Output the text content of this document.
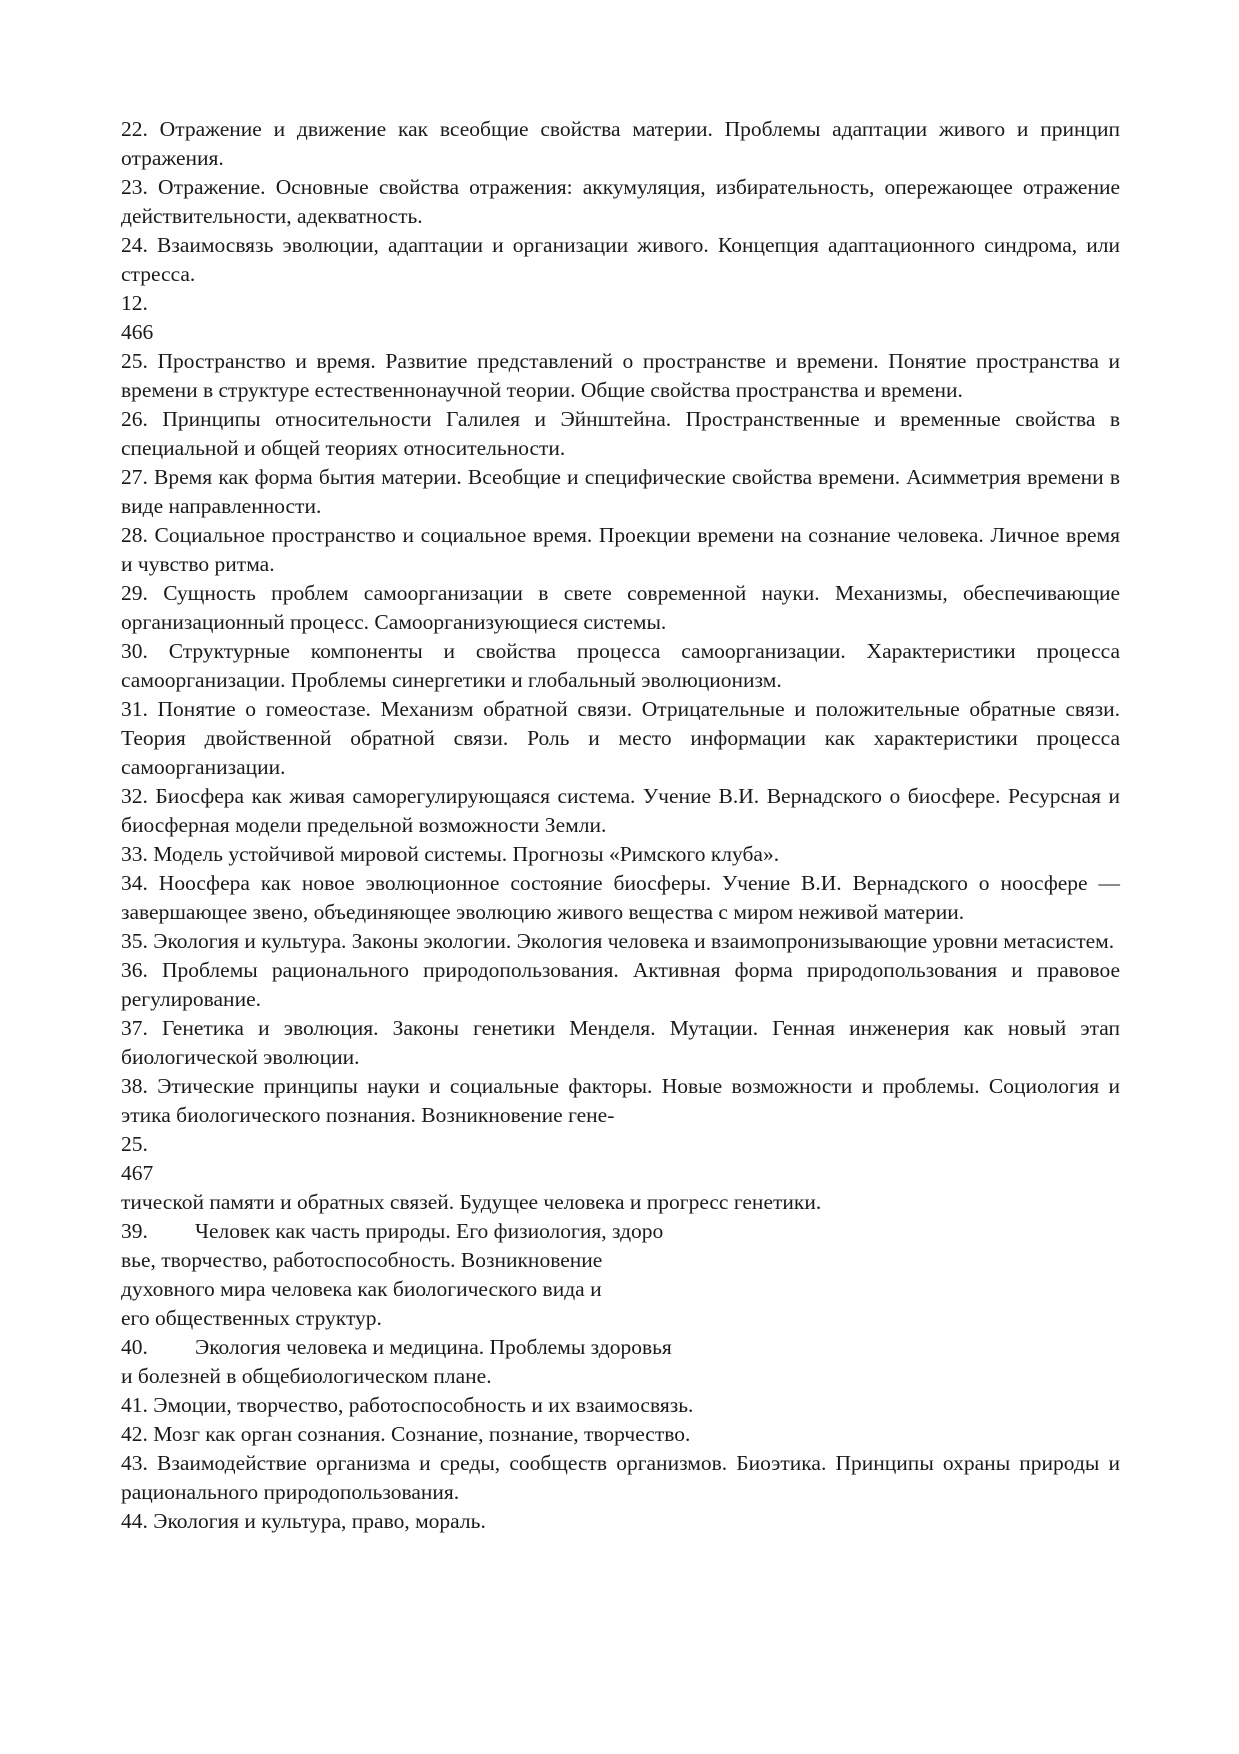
22. Отражение и движение как всеобщие свойства материи. Проблемы адаптации живого и принцип отражения.

23. Отражение. Основные свойства отражения: аккумуляция, избирательность, опережающее отражение действительности, адекватность.

24. Взаимосвязь эволюции, адаптации и организации живого. Концепция адаптационного синдрома, или стресса.

12.

466

25. Пространство и время. Развитие представлений о пространстве и времени. Понятие пространства и времени в структуре естественнонаучной теории. Общие свойства пространства и времени.

26. Принципы относительности Галилея и Эйнштейна. Пространственные и временные свойства в специальной и общей теориях относительности.

27. Время как форма бытия материи. Всеобщие и специфические свойства времени. Асимметрия времени в виде направленности.

28. Социальное пространство и социальное время. Проекции времени на сознание человека. Личное время и чувство ритма.

29. Сущность проблем самоорганизации в свете современной науки. Механизмы, обеспечивающие организационный процесс. Самоорганизующиеся системы.

30. Структурные компоненты и свойства процесса самоорганизации. Характеристики процесса самоорганизации. Проблемы синергетики и глобальный эволюционизм.

31. Понятие о гомеостазе. Механизм обратной связи. Отрицательные и положительные обратные связи. Теория двойственной обратной связи. Роль и место информации как характеристики процесса самоорганизации.

32. Биосфера как живая саморегулирующаяся система. Учение В.И. Вернадского о биосфере. Ресурсная и биосферная модели предельной возможности Земли.

33. Модель устойчивой мировой системы. Прогнозы «Римского клуба».

34. Ноосфера как новое эволюционное состояние биосферы. Учение В.И. Вернадского о ноосфере — завершающее звено, объединяющее эволюцию живого вещества с миром неживой материи.

35. Экология и культура. Законы экологии. Экология человека и взаимопронизывающие уровни метасистем.

36. Проблемы рационального природопользования. Активная форма природопользования и правовое регулирование.

37. Генетика и эволюция. Законы генетики Менделя. Мутации. Генная инженерия как новый этап биологической эволюции.

38. Этические принципы науки и социальные факторы. Новые возможности и проблемы. Социология и этика биологического познания. Возникновение гене-

25.

467

тической памяти и обратных связей. Будущее человека и прогресс генетики.

39. Человек как часть природы. Его физиология, здоро

вье, творчество, работоспособность. Возникновение

духовного мира человека как биологического вида и

его общественных структур.

40. Экология человека и медицина. Проблемы здоровья

и болезней в общебиологическом плане.

41. Эмоции, творчество, работоспособность и их взаимосвязь.

42. Мозг как орган сознания. Сознание, познание, творчество.

43. Взаимодействие организма и среды, сообществ организмов. Биоэтика. Принципы охраны природы и рационального природопользования.

44. Экология и культура, право, мораль.
